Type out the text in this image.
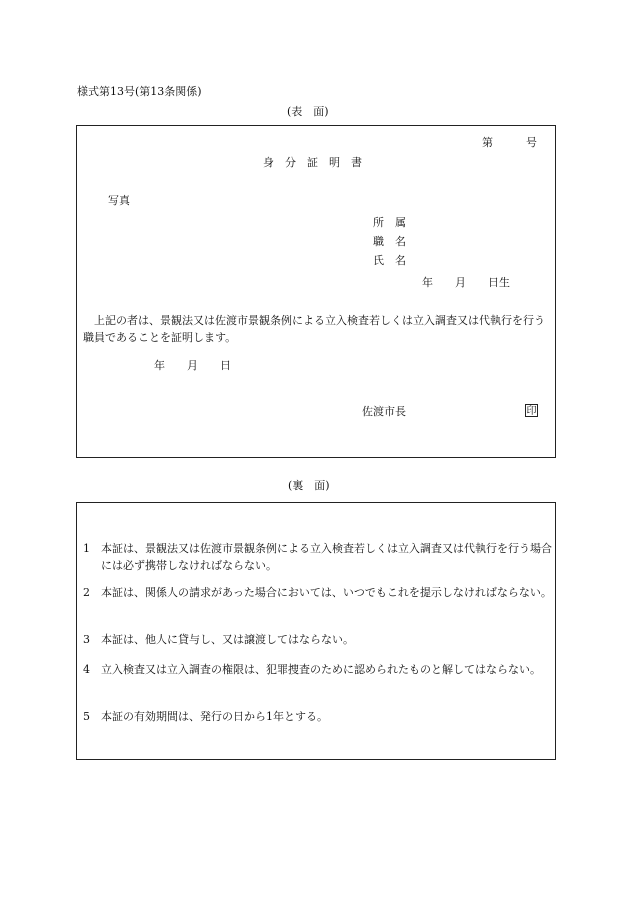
様式第13号(第13条関係)
(表　面)
第　　　号
身　分　証　明　書
写真
所　属
職　名
氏　名
年　　月　　日生
上記の者は、景観法又は佐渡市景観条例による立入検査若しくは立入調査又は代執行を行う職員であることを証明します。
年　　月　　日
佐渡市長	印
(裏　面)
1	本証は、景観法又は佐渡市景観条例による立入検査若しくは立入調査又は代執行を行う場合には必ず携帯しなければならない。
2	本証は、関係人の請求があった場合においては、いつでもこれを提示しなければならない。
3	本証は、他人に貸与し、又は譲渡してはならない。
4	立入検査又は立入調査の権限は、犯罪捜査のために認められたものと解してはならない。
5	本証の有効期間は、発行の日から1年とする。
